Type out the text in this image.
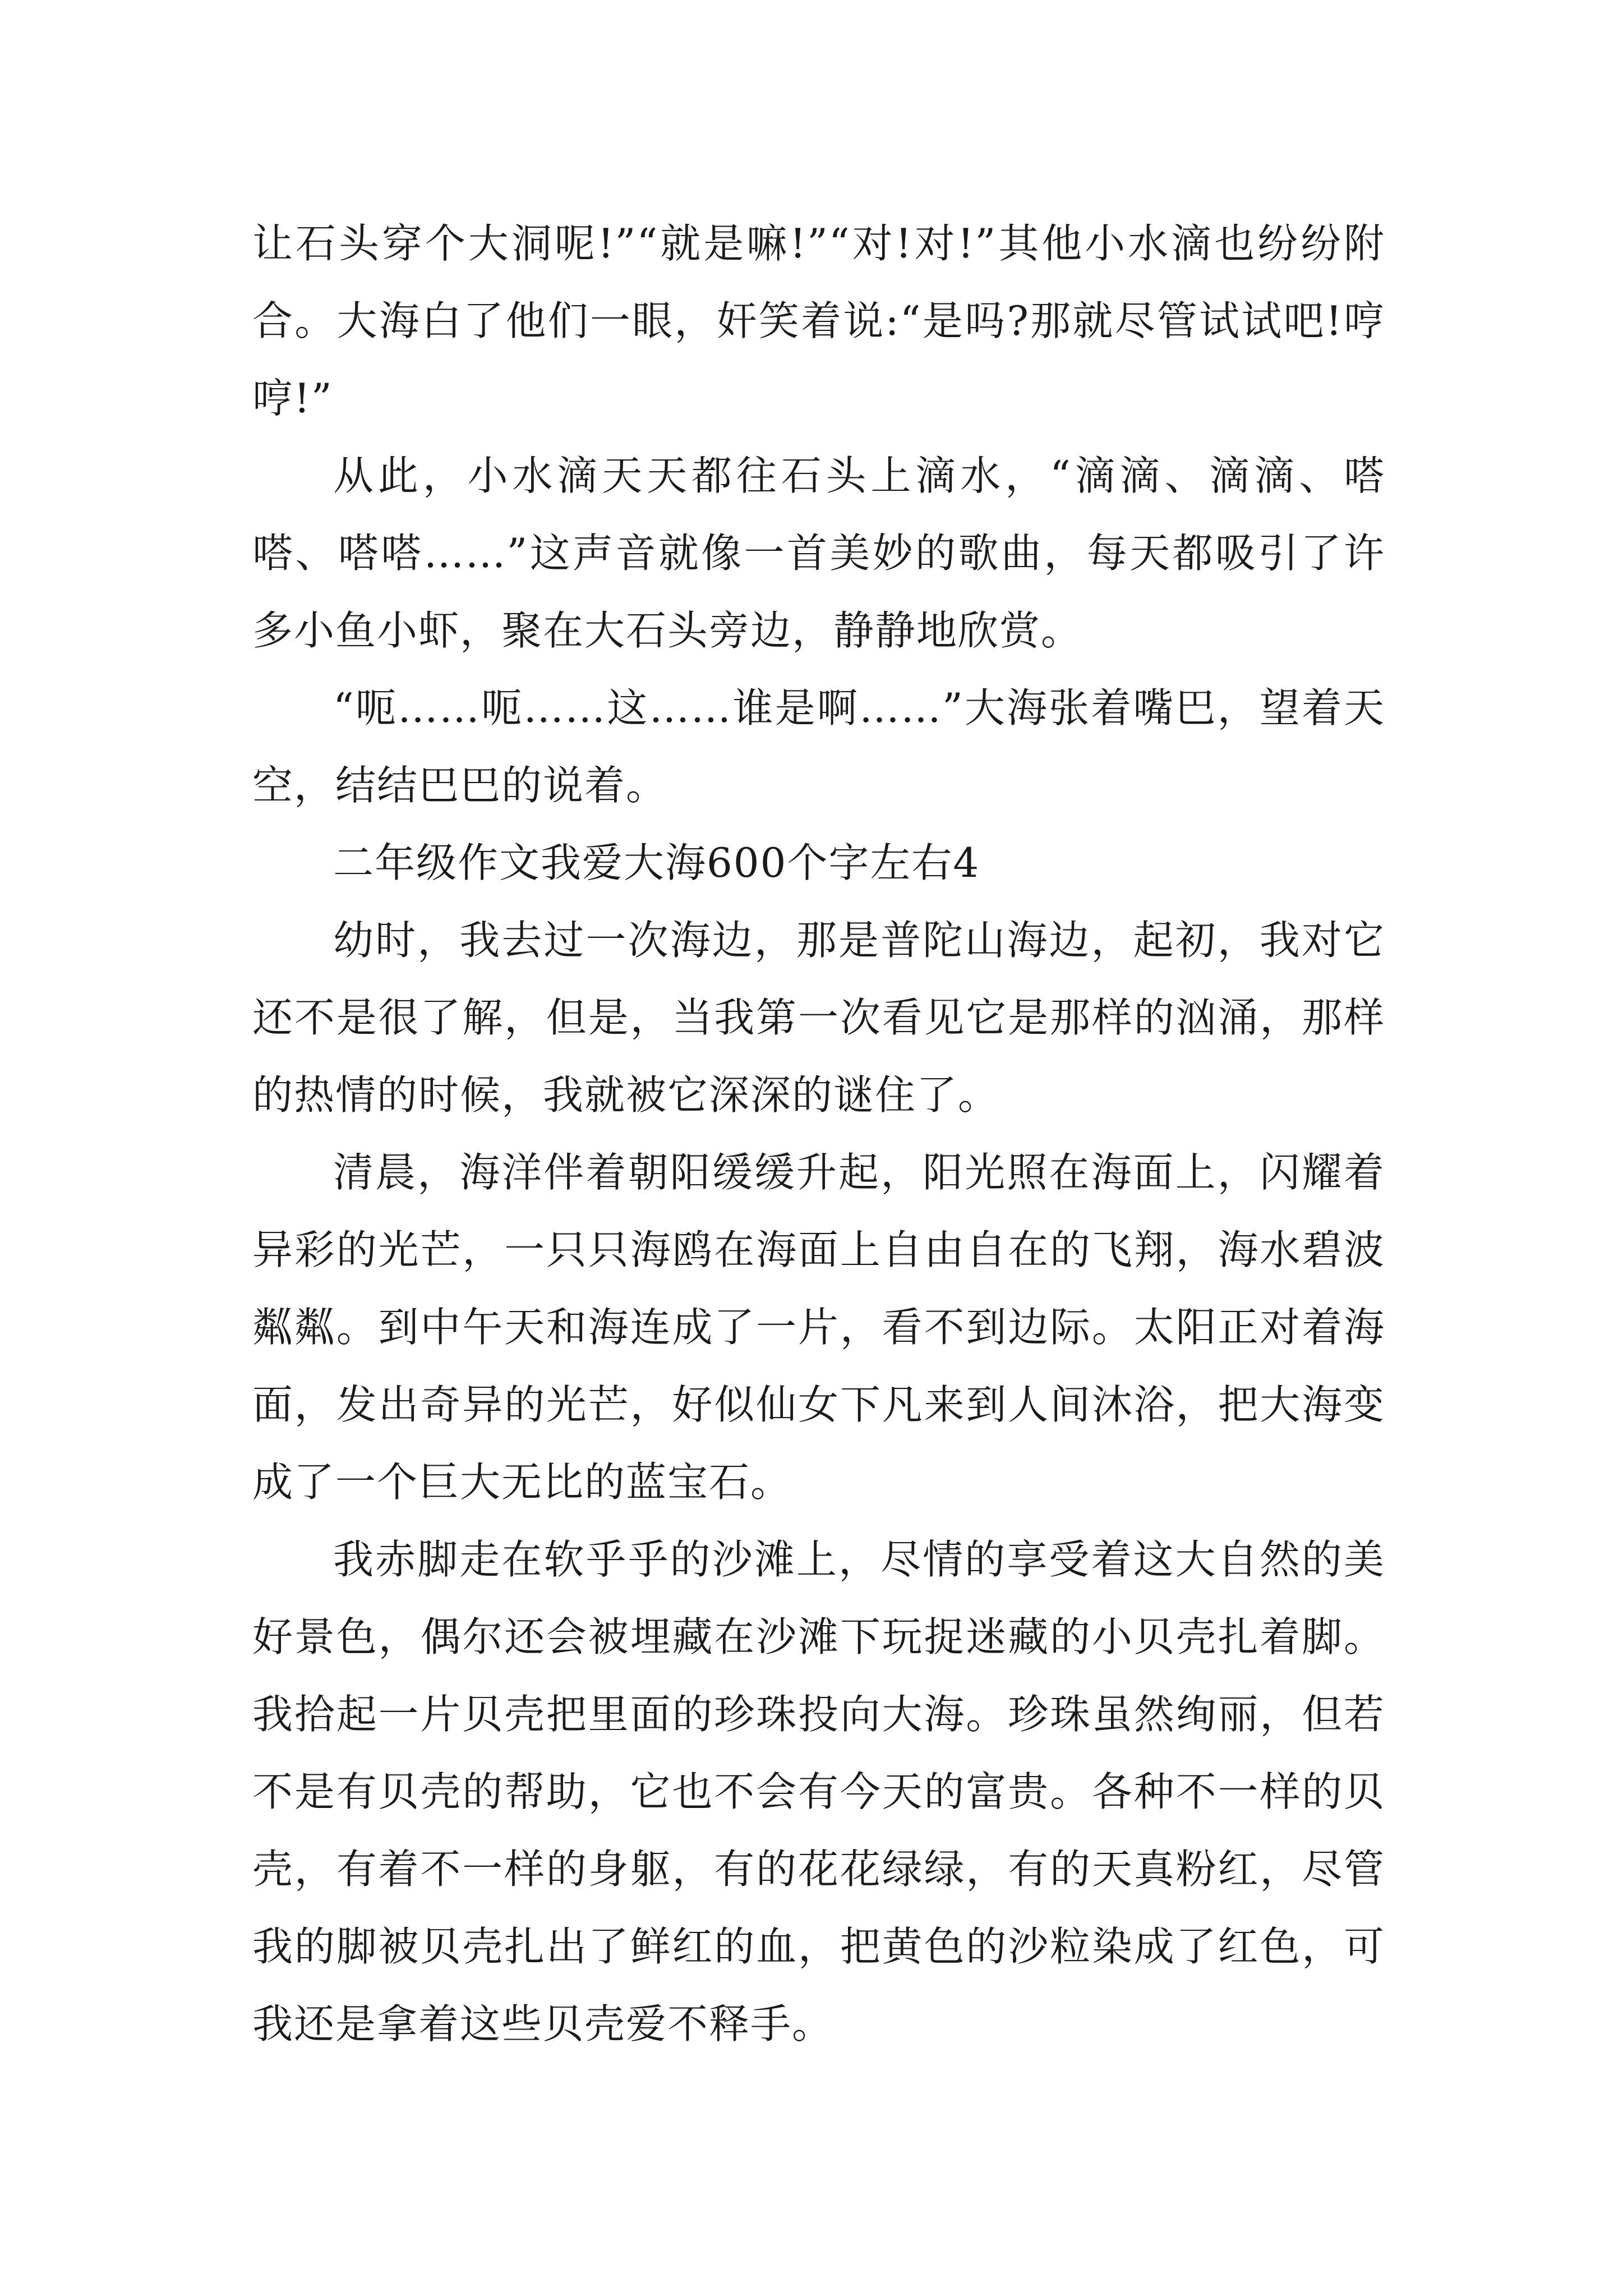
让石头穿个大洞呢!”“就是嘛!”“对!对!”其他小水滴也纷纷附合。大海白了他们一眼，奸笑着说:“是吗?那就尽管试试吧!哼哼!”

从此，小水滴天天都往石头上滴水，“滴滴、滴滴、嗒嗒、嗒嗒……”这声音就像一首美妙的歌曲，每天都吸引了许多小鱼小虾，聚在大石头旁边，静静地欣赏。

“呃……呃……这……谁是啊……”大海张着嘴巴，望着天空，结结巴巴的说着。

二年级作文我爱大海600个字左右4

幼时，我去过一次海边，那是普陀山海边，起初，我对它还不是很了解，但是，当我第一次看见它是那样的汹涌，那样的热情的时候，我就被它深深的谜住了。

清晨，海洋伴着朝阳缓缓升起，阳光照在海面上，闪耀着异彩的光芒，一只只海鸥在海面上自由自在的飞翔，海水碧波粼粼。到中午天和海连成了一片，看不到边际。太阳正对着海面，发出奇异的光芒，好似仙女下凡来到人间沐浴，把大海变成了一个巨大无比的蓝宝石。

我赤脚走在软乎乎的沙滩上，尽情的享受着这大自然的美好景色，偶尔还会被埋藏在沙滩下玩捉迷藏的小贝壳扎着脚。我拾起一片贝壳把里面的珍珠投向大海。珍珠虽然绚丽，但若不是有贝壳的帮助，它也不会有今天的富贵。各种不一样的贝壳，有着不一样的身躯，有的花花绿绿，有的天真粉红，尽管我的脚被贝壳扎出了鲜红的血，把黄色的沙粒染成了红色，可我还是拿着这些贝壳爱不释手。
